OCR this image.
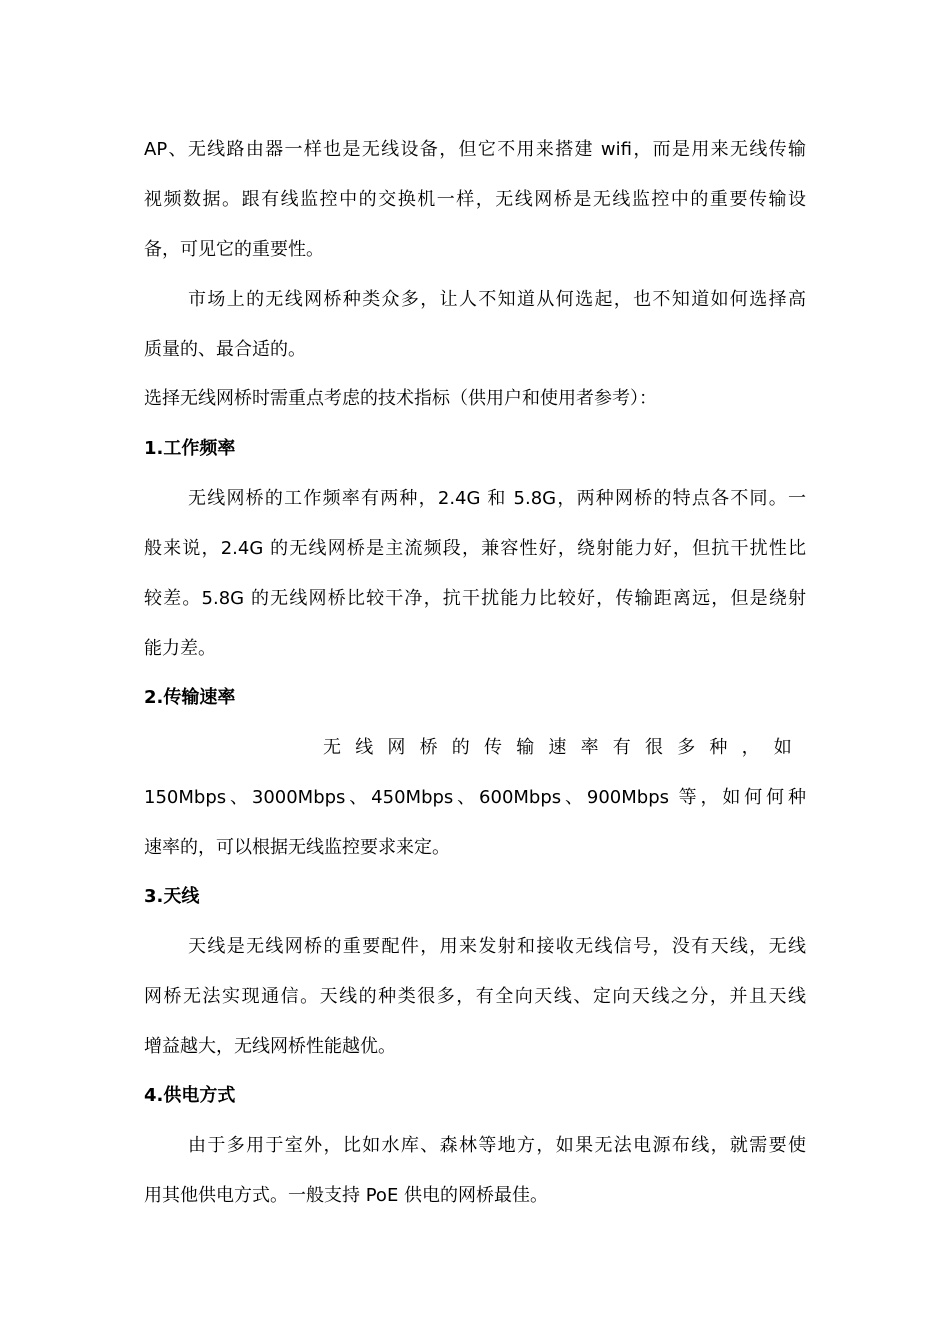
AP、无线路由器一样也是无线设备，但它不用来搭建 wifi，而是用来无线传输
视频数据。跟有线监控中的交换机一样，无线网桥是无线监控中的重要传输设
备，可见它的重要性。
市场上的无线网桥种类众多，让人不知道从何选起，也不知道如何选择高
质量的、最合适的。
选择无线网桥时需重点考虑的技术指标（供用户和使用者参考）：
1.工作频率
无线网桥的工作频率有两种，2.4G 和 5.8G，两种网桥的特点各不同。一
般来说，2.4G 的无线网桥是主流频段，兼容性好，绕射能力好，但抗干扰性比
较差。5.8G 的无线网桥比较干净，抗干扰能力比较好，传输距离远，但是绕射
能力差。
2.传输速率
无线网桥的传输速率有很多种，如
150Mbps、3000Mbps、450Mbps、600Mbps、900Mbps 等，如何何种
速率的，可以根据无线监控要求来定。
3.天线
天线是无线网桥的重要配件，用来发射和接收无线信号，没有天线，无线
网桥无法实现通信。天线的种类很多，有全向天线、定向天线之分，并且天线
增益越大，无线网桥性能越优。
4.供电方式
由于多用于室外，比如水库、森林等地方，如果无法电源布线，就需要使
用其他供电方式。一般支持 PoE 供电的网桥最佳。
